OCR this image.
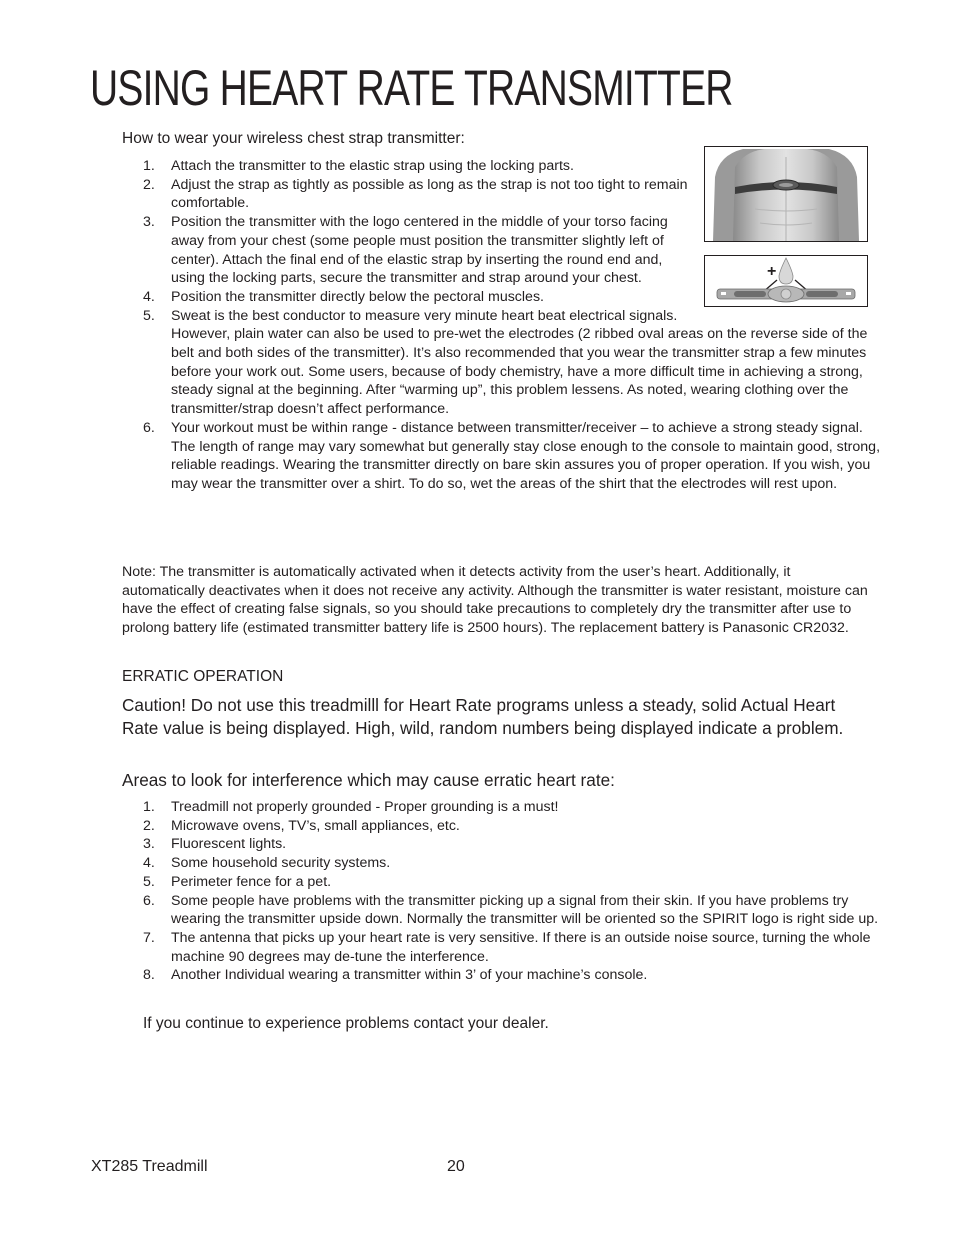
USING HEART RATE TRANSMITTER
How to wear your wireless chest strap transmitter:
1. Attach the transmitter to the elastic strap using the locking parts.
2. Adjust the strap as tightly as possible as long as the strap is not too tight to remain comfortable.
3. Position the transmitter with the logo centered in the middle of your torso facing away from your chest (some people must position the transmitter slightly left of center). Attach the final end of the elastic strap by inserting the round end and, using the locking parts, secure the transmitter and strap around your chest.
4. Position the transmitter directly below the pectoral muscles.
5. Sweat is the best conductor to measure very minute heart beat electrical signals.
However, plain water can also be used to pre-wet the electrodes (2 ribbed oval areas on the reverse side of the belt and both sides of the transmitter). It’s also recommended that you wear the transmitter strap a few minutes before your work out. Some users, because of body chemistry, have a more difficult time in achieving a strong, steady signal at the beginning. After “warming up”, this problem lessens. As noted, wearing clothing over the transmitter/strap doesn’t affect performance.
6. Your workout must be within range - distance between transmitter/receiver – to achieve a strong steady signal. The length of range may vary somewhat but generally stay close enough to the console to maintain good, strong, reliable readings. Wearing the transmitter directly on bare skin assures you of proper operation. If you wish, you may wear the transmitter over a shirt. To do so, wet the areas of the shirt that the electrodes will rest upon.
+
Note: The transmitter is automatically activated when it detects activity from the user’s heart. Additionally, it automatically deactivates when it does not receive any activity. Although the transmitter is water resistant, moisture can have the effect of creating false signals, so you should take precautions to completely dry the transmitter after use to prolong battery life (estimated transmitter battery life is 2500 hours). The replacement battery is Panasonic CR2032.
ERRATIC OPERATION
Caution! Do not use this treadmilll for Heart Rate programs unless a steady, solid Actual Heart Rate value is being displayed. High, wild, random numbers being displayed indicate a problem.
Areas to look for interference which may cause erratic heart rate:
1. Treadmill not properly grounded - Proper grounding is a must!
2. Microwave ovens, TV’s, small appliances, etc.
3. Fluorescent lights.
4. Some household security systems.
5. Perimeter fence for a pet.
6. Some people have problems with the transmitter picking up a signal from their skin. If you have problems try wearing the transmitter upside down. Normally the transmitter will be oriented so the SPIRIT logo is right side up.
7. The antenna that picks up your heart rate is very sensitive. If there is an outside noise source, turning the whole machine 90 degrees may de-tune the interference.
8. Another Individual wearing a transmitter within 3’ of your machine’s console.
If you continue to experience problems contact your dealer.
XT285 Treadmill	20
